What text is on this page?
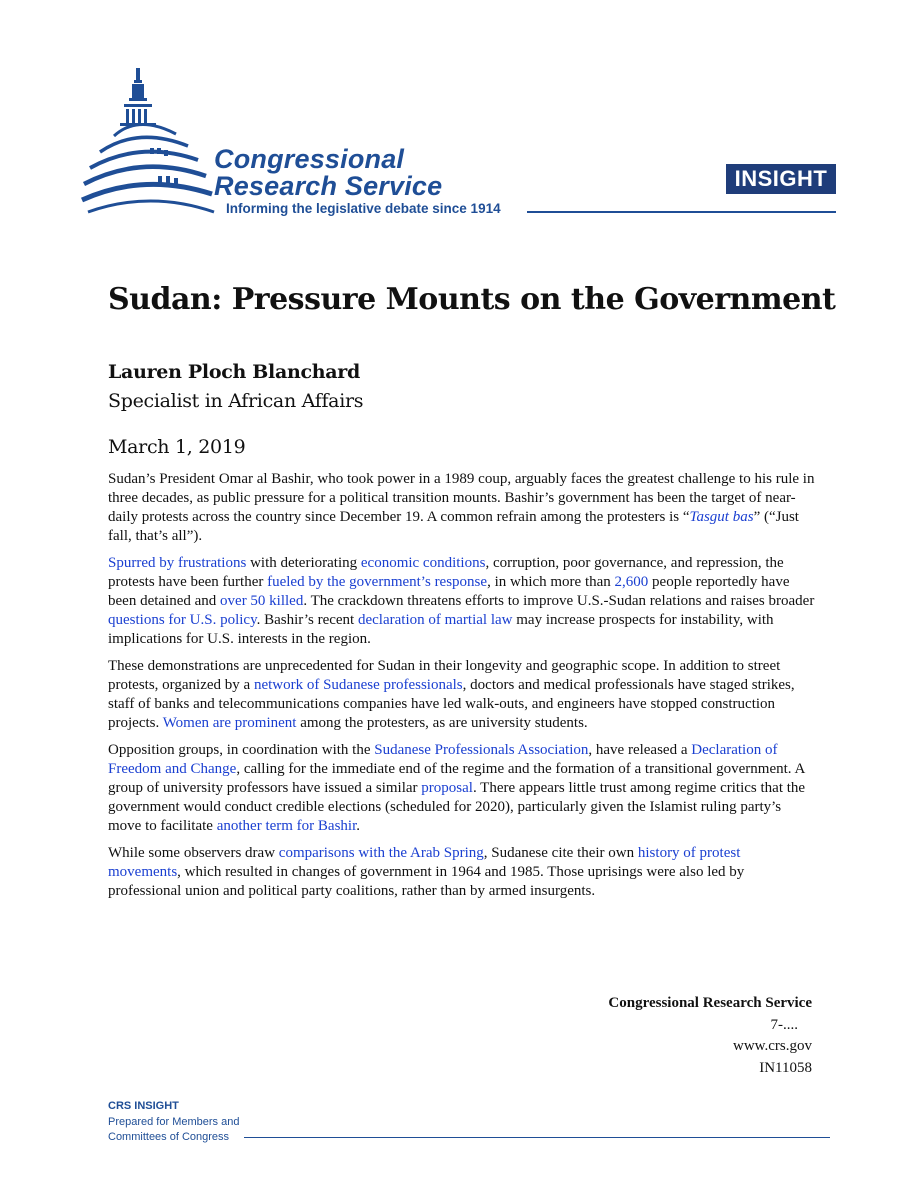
Congressional
Research Service
Informing the legislative debate since 1914
INSIGHT
Sudan: Pressure Mounts on the Government
Lauren Ploch Blanchard
Specialist in African Affairs
March 1, 2019

Sudan’s President Omar al Bashir, who took power in a 1989 coup, arguably faces the greatest challenge to his rule in three decades, as public pressure for a political transition mounts. Bashir’s government has been the target of near-daily protests across the country since December 19. A common refrain among the protesters is “Tasgut bas” (“Just fall, that’s all”).

Spurred by frustrations with deteriorating economic conditions, corruption, poor governance, and repression, the protests have been further fueled by the government’s response, in which more than 2,600 people reportedly have been detained and over 50 killed. The crackdown threatens efforts to improve U.S.-Sudan relations and raises broader questions for U.S. policy. Bashir’s recent declaration of martial law may increase prospects for instability, with implications for U.S. interests in the region.

These demonstrations are unprecedented for Sudan in their longevity and geographic scope. In addition to street protests, organized by a network of Sudanese professionals, doctors and medical professionals have staged strikes, staff of banks and telecommunications companies have led walk-outs, and engineers have stopped construction projects. Women are prominent among the protesters, as are university students.

Opposition groups, in coordination with the Sudanese Professionals Association, have released a Declaration of Freedom and Change, calling for the immediate end of the regime and the formation of a transitional government. A group of university professors have issued a similar proposal. There appears little trust among regime critics that the government would conduct credible elections (scheduled for 2020), particularly given the Islamist ruling party’s move to facilitate another term for Bashir.

While some observers draw comparisons with the Arab Spring, Sudanese cite their own history of protest movements, which resulted in changes of government in 1964 and 1985. Those uprisings were also led by professional union and political party coalitions, rather than by armed insurgents.

Congressional Research Service
7-....
www.crs.gov
IN11058
CRS INSIGHT
Prepared for Members and
Committees of Congress
